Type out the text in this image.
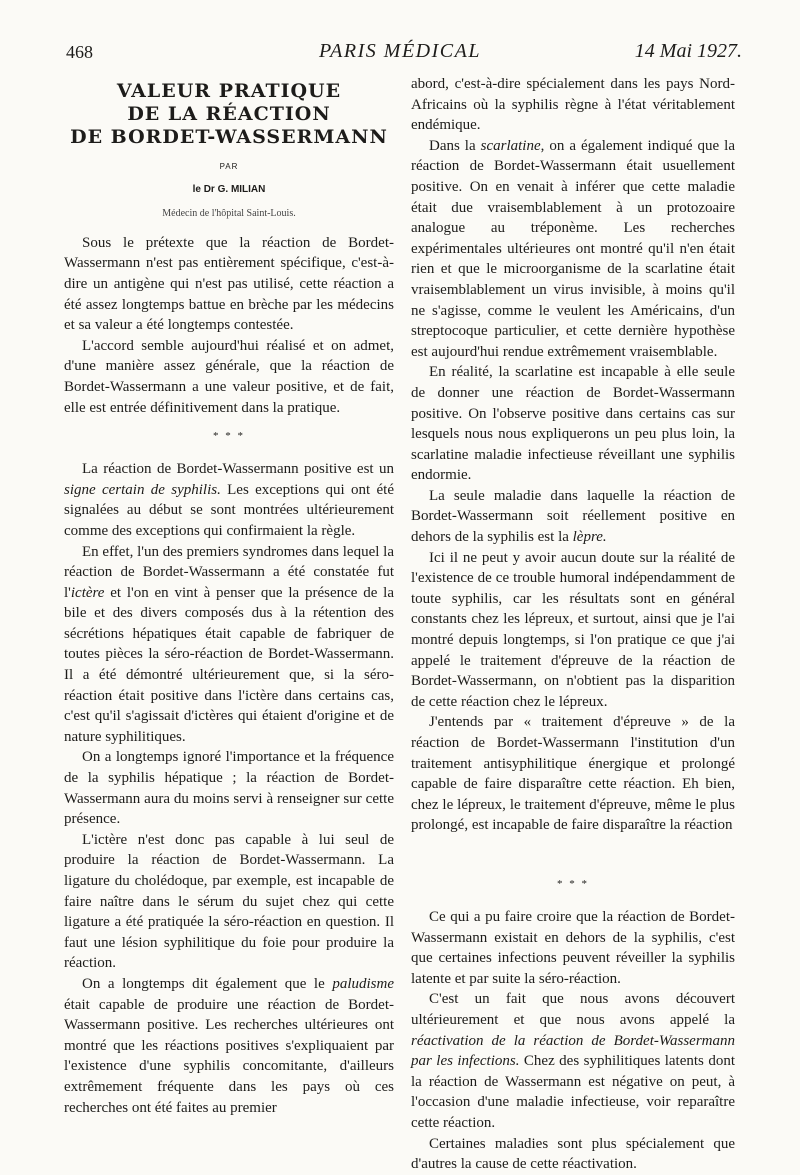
468	PARIS MÉDICAL	14 Mai 1927.
VALEUR PRATIQUE
DE LA RÉACTION
DE BORDET-WASSERMANN
PAR
le Dr G. MILIAN
Médecin de l'hôpital Saint-Louis.

Sous le prétexte que la réaction de Bordet-Wassermann n'est pas entièrement spécifique, c'est-à-dire un antigène qui n'est pas utilisé, cette réaction a été assez longtemps battue en brèche par les médecins et sa valeur a été longtemps contestée.

L'accord semble aujourd'hui réalisé et on admet, d'une manière assez générale, que la réaction de Bordet-Wassermann a une valeur positive, et de fait, elle est entrée définitivement dans la pratique.

* * *

La réaction de Bordet-Wassermann positive est un signe certain de syphilis. Les exceptions qui ont été signalées au début se sont montrées ultérieurement comme des exceptions qui confirmaient la règle.

En effet, l'un des premiers syndromes dans lequel la réaction de Bordet-Wassermann a été constatée fut l'ictère et l'on en vint à penser que la présence de la bile et des divers composés dus à la rétention des sécrétions hépatiques était capable de fabriquer de toutes pièces la séro-réaction de Bordet-Wassermann. Il a été démontré ultérieurement que, si la séro-réaction était positive dans l'ictère dans certains cas, c'est qu'il s'agissait d'ictères qui étaient d'origine et de nature syphilitiques.

On a longtemps ignoré l'importance et la fréquence de la syphilis hépatique ; la réaction de Bordet-Wassermann aura du moins servi à renseigner sur cette présence.

L'ictère n'est donc pas capable à lui seul de produire la réaction de Bordet-Wassermann. La ligature du cholédoque, par exemple, est incapable de faire naître dans le sérum du sujet chez qui cette ligature a été pratiquée la séro-réaction en question. Il faut une lésion syphilitique du foie pour produire la réaction.

On a longtemps dit également que le paludisme était capable de produire une réaction de Bordet-Wassermann positive. Les recherches ultérieures ont montré que les réactions positives s'expliquaient par l'existence d'une syphilis concomitante, d'ailleurs extrêmement fréquente dans les pays où ces recherches ont été faites au premier

abord, c'est-à-dire spécialement dans les pays Nord-Africains où la syphilis règne à l'état véritablement endémique.

Dans la scarlatine, on a également indiqué que la réaction de Bordet-Wassermann était usuellement positive. On en venait à inférer que cette maladie était due vraisemblablement à un protozoaire analogue au tréponème. Les recherches expérimentales ultérieures ont montré qu'il n'en était rien et que le microorganisme de la scarlatine était vraisemblablement un virus invisible, à moins qu'il ne s'agisse, comme le veulent les Américains, d'un streptocoque particulier, et cette dernière hypothèse est aujourd'hui rendue extrêmement vraisemblable.

En réalité, la scarlatine est incapable à elle seule de donner une réaction de Bordet-Wassermann positive. On l'observe positive dans certains cas sur lesquels nous nous expliquerons un peu plus loin, la scarlatine maladie infectieuse réveillant une syphilis endormie.

La seule maladie dans laquelle la réaction de Bordet-Wassermann soit réellement positive en dehors de la syphilis est la lèpre.

Ici il ne peut y avoir aucun doute sur la réalité de l'existence de ce trouble humoral indépendamment de toute syphilis, car les résultats sont en général constants chez les lépreux, et surtout, ainsi que je l'ai montré depuis longtemps, si l'on pratique ce que j'ai appelé le traitement d'épreuve de la réaction de Bordet-Wassermann, on n'obtient pas la disparition de cette réaction chez le lépreux.

J'entends par « traitement d'épreuve » de la réaction de Bordet-Wassermann l'institution d'un traitement antisyphilitique énergique et prolongé capable de faire disparaître cette réaction. Eh bien, chez le lépreux, le traitement d'épreuve, même le plus prolongé, est incapable de faire disparaître la réaction

* * *

Ce qui a pu faire croire que la réaction de Bordet-Wassermann existait en dehors de la syphilis, c'est que certaines infections peuvent réveiller la syphilis latente et par suite la séro-réaction.

C'est un fait que nous avons découvert ultérieurement et que nous avons appelé la réactivation de la réaction de Bordet-Wassermann par les infections. Chez des syphilitiques latents dont la réaction de Wassermann est négative on peut, à l'occasion d'une maladie infectieuse, voir reparaître cette réaction.

Certaines maladies sont plus spécialement que d'autres la cause de cette réactivation.
